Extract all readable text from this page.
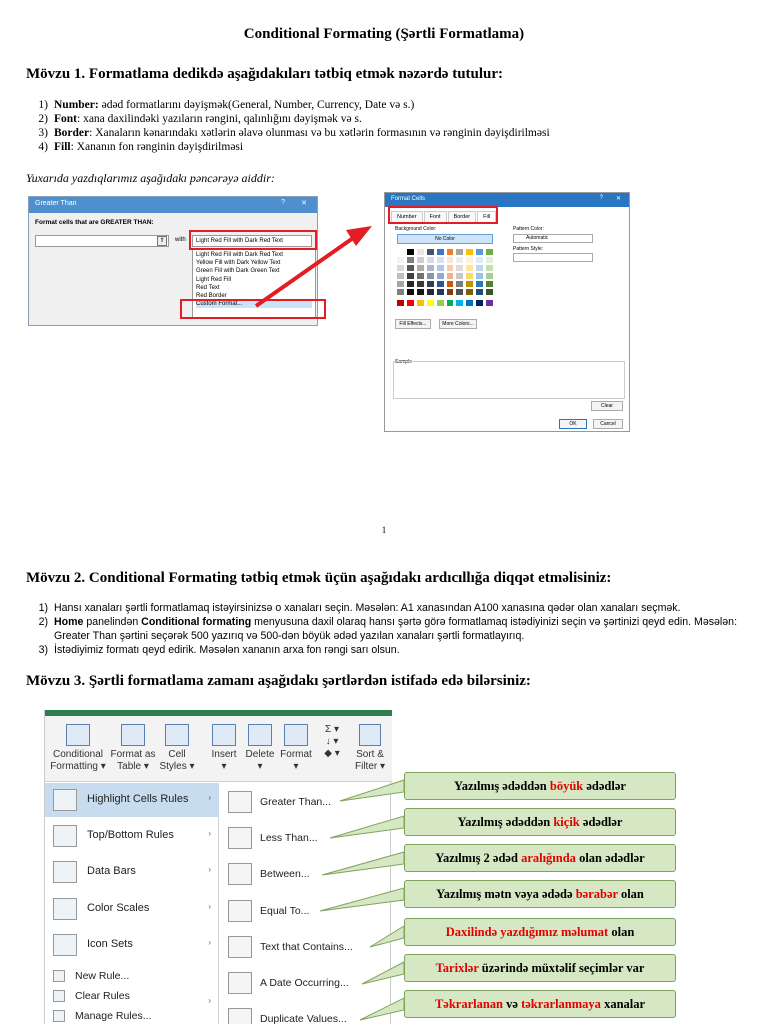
Conditional Formating (Şərtli Formatlama)
Mövzu 1. Formatlama dedikdə aşağıdakıları tətbiq etmək nəzərdə tutulur:
1) Number: ədəd formatlarını dəyişmək(General, Number, Currency, Date və s.)
2) Font: xana daxilindəki yazıların rəngini, qalınlığını dəyişmək və s.
3) Border: Xanaların kənarındakı xətlərin əlavə olunması və bu xətlərin formasının və rənginin dəyişdirilməsi
4) Fill: Xananın fon rənginin dəyişdirilməsi
Yuxarıda yazdıqlarımız aşağıdakı pəncərəyə aiddir:
Greater Than	? ✕
Format cells that are GREATER THAN:
⇑	with	Light Red Fill with Dark Red Text
Light Red Fill with Dark Red Text
Yellow Fill with Dark Yellow Text
Green Fill with Dark Green Text
Light Red Fill
Red Text
Red Border
Custom Format...
Format Cells	? ✕
Number Font Border Fill
Background Color:
No Color
Fill Effects...	More Colors...
Pattern Color:
Automatic
Pattern Style:
Sample
Clear
OK	Cancel
1
Mövzu 2. Conditional Formating tətbiq etmək üçün aşağıdakı ardıcıllığa diqqət etməlisiniz:
1) Hansı xanaları şərtli formatlamaq istəyirsinizsə o xanaları seçin. Məsələn: A1 xanasından A100 xanasına qədər olan xanaları seçmək.
2) Home panelindən Conditional formating menyusuna daxil olaraq hansı şərtə görə formatlamaq istədiyinizi seçin və şərtinizi qeyd edin. Məsələn: Greater Than şərtini seçərək 500 yazırıq və 500-dən böyük ədəd yazılan xanaları şərtli formatlayırıq.
3) İstədiyimiz formatı qeyd edirik. Məsələn xananın arxa fon rəngi sarı olsun.
Mövzu 3. Şərtli formatlama zamanı aşağıdakı şərtlərdən istifadə edə bilərsiniz:
Conditional
Formatting ▾
Format as
Table ▾
Cell
Styles ▾
Insert
▾
Delete
▾
Format
▾
Σ ▾
↓ ▾
◆ ▾	Sort &
Filter ▾
Highlight Cells Rules ›
Top/Bottom Rules	›
Data Bars	›
Color Scales	›
Icon Sets	›
New Rule...
Clear Rules	›
Manage Rules...
Greater Than...
Less Than...
Between...
Equal To...
Text that Contains...
A Date Occurring...
Duplicate Values...
Yazılmış ədəddən böyük ədədlər
Yazılmış ədəddən kiçik ədədlər
Yazılmış 2 ədəd aralığında olan ədədlər
Yazılmış mətn vəya ədədə bərabər olan
Daxilində yazdığımız məlumat olan
Tarixlər üzərində müxtəlif seçimlər var
Təkrarlanan və təkrarlanmaya xanalar
